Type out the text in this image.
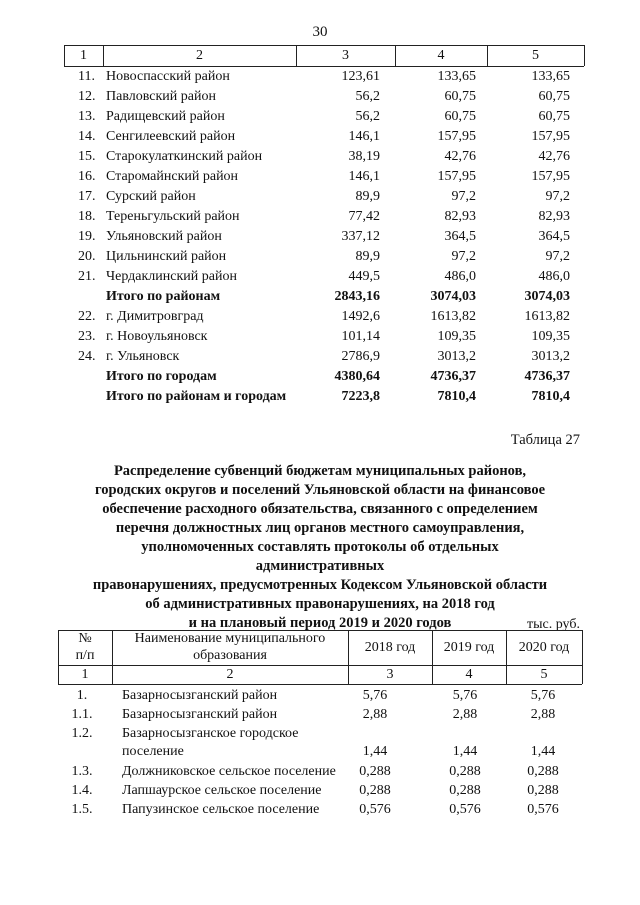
30
1	2	3	4	5
11. Новоспасский район	123,61	133,65	133,65
12. Павловский район	56,2	60,75	60,75
13. Радищевский район	56,2	60,75	60,75
14. Сенгилеевский район	146,1	157,95	157,95
15. Старокулаткинский район	38,19	42,76	42,76
16. Старомайнский район	146,1	157,95	157,95
17. Сурский район	89,9	97,2	97,2
18. Тереньгульский район	77,42	82,93	82,93
19. Ульяновский район	337,12	364,5	364,5
20. Цильнинский район	89,9	97,2	97,2
21. Чердаклинский район	449,5	486,0	486,0
Итого по районам	2843,16	3074,03	3074,03
22. г. Димитровград	1492,6	1613,82	1613,82
23. г. Новоульяновск	101,14	109,35	109,35
24. г. Ульяновск	2786,9	3013,2	3013,2
Итого по городам	4380,64	4736,37	4736,37
Итого по районам и городам	7223,8	7810,4	7810,4
Таблица 27
Распределение субвенций бюджетам муниципальных районов,
городских округов и поселений Ульяновской области на финансовое
обеспечение расходного обязательства, связанного с определением
перечня должностных лиц органов местного самоуправления,
уполномоченных составлять протоколы об отдельных административных
правонарушениях, предусмотренных Кодексом Ульяновской области
об административных правонарушениях, на 2018 год
и на плановый период 2019 и 2020 годов	тыс. руб.
№
п/п
Наименование муниципального
образования
2018 год	2019 год	2020 год
1	2	3	4	5
1.	Базарносызганский район	5,76	5,76	5,76
1.1.	Базарносызганский район	2,88	2,88	2,88
1.2.	Базарносызганское городское
поселение	1,44	1,44	1,44
1.3.	Должниковское сельское поселение	0,288	0,288	0,288
1.4.	Лапшаурское сельское поселение	0,288	0,288	0,288
1.5.	Папузинское сельское поселение	0,576	0,576	0,576
